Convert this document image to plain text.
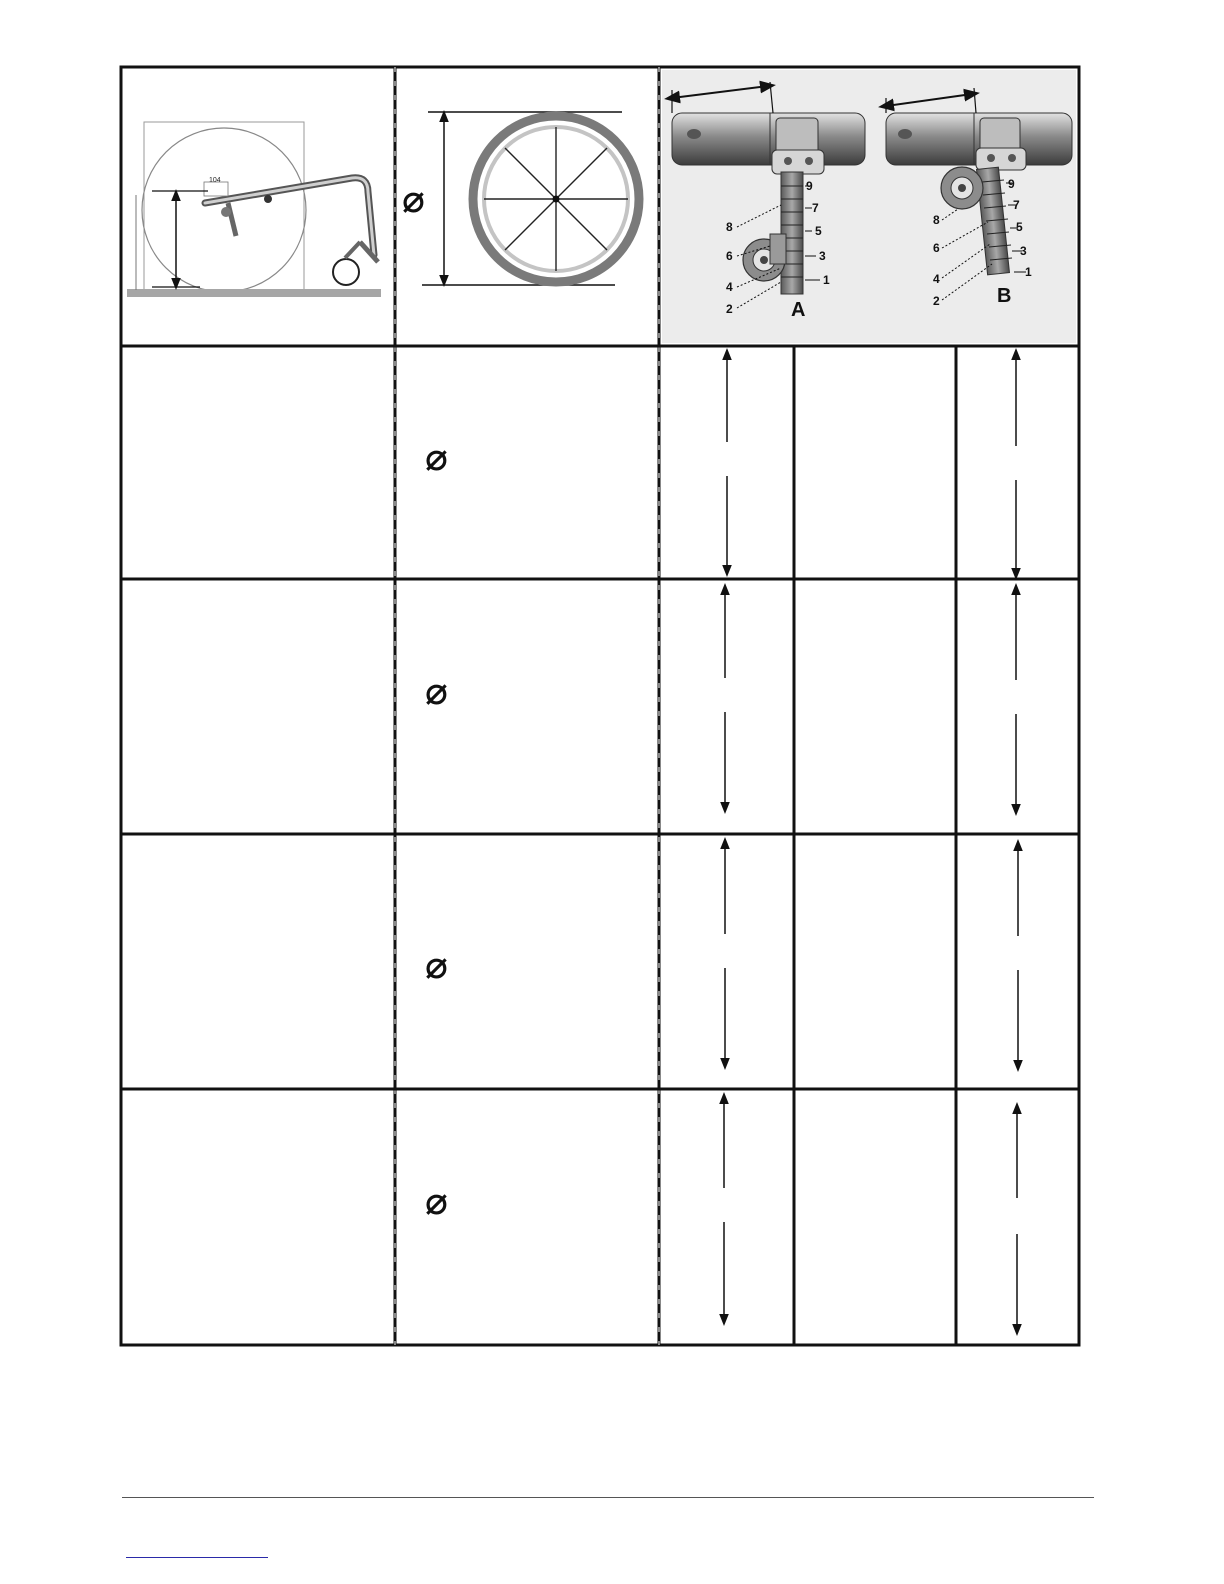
104	⌀	9
8
7
6
5
4
3
2
1
A
9
8
7
6
5
4
3
2
1
B
⌀
⌀
⌀
⌀
